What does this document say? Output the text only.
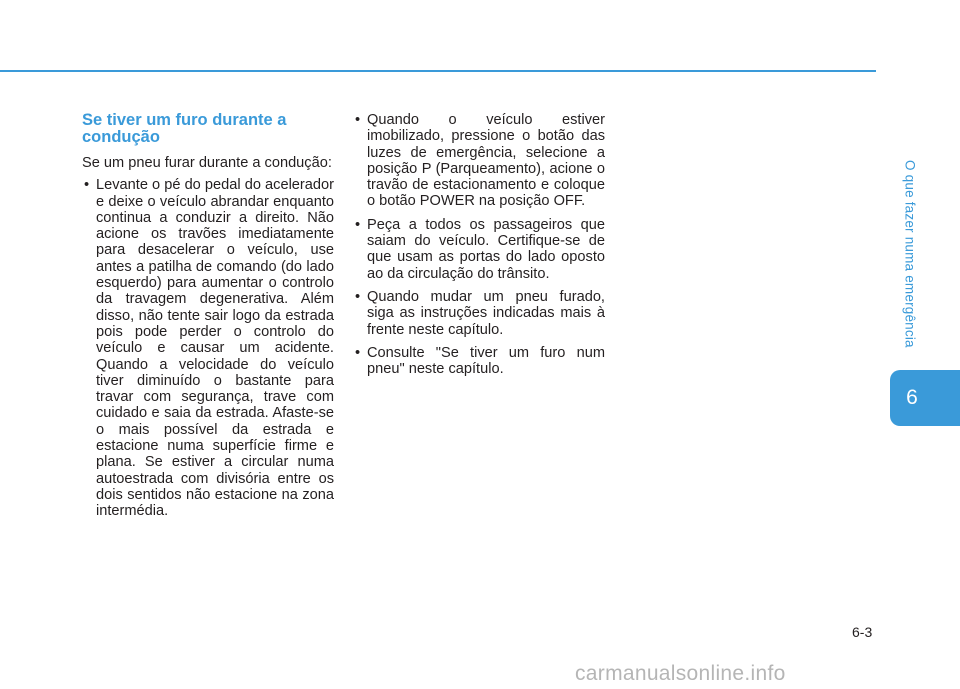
Se tiver um furo durante a condução

Se um pneu furar durante a condução:

• Levante o pé do pedal do acelerador e deixe o veículo abrandar enquanto continua a conduzir a direito. Não acione os travões imediatamente para desacelerar o veículo, use antes a patilha de comando (do lado esquerdo) para aumentar o controlo da travagem degenerativa. Além disso, não tente sair logo da estrada pois pode perder o controlo do veículo e causar um acidente. Quando a velocidade do veículo tiver diminuído o bastante para travar com segurança, trave com cuidado e saia da estrada. Afaste-se o mais possível da estrada e estacione numa superfície firme e plana. Se estiver a circular numa autoestrada com divisória entre os dois sentidos não estacione na zona intermédia.
• Quando o veículo estiver imobilizado, pressione o botão das luzes de emergência, selecione a posição P (Parqueamento), acione o travão de estacionamento e coloque o botão POWER na posição OFF.
• Peça a todos os passageiros que saiam do veículo. Certifique-se de que usam as portas do lado oposto ao da circulação do trânsito.
• Quando mudar um pneu furado, siga as instruções indicadas mais à frente neste capítulo.
• Consulte "Se tiver um furo num pneu" neste capítulo.
O que fazer numa emergência
6
6-3
carmanualsonline.info
